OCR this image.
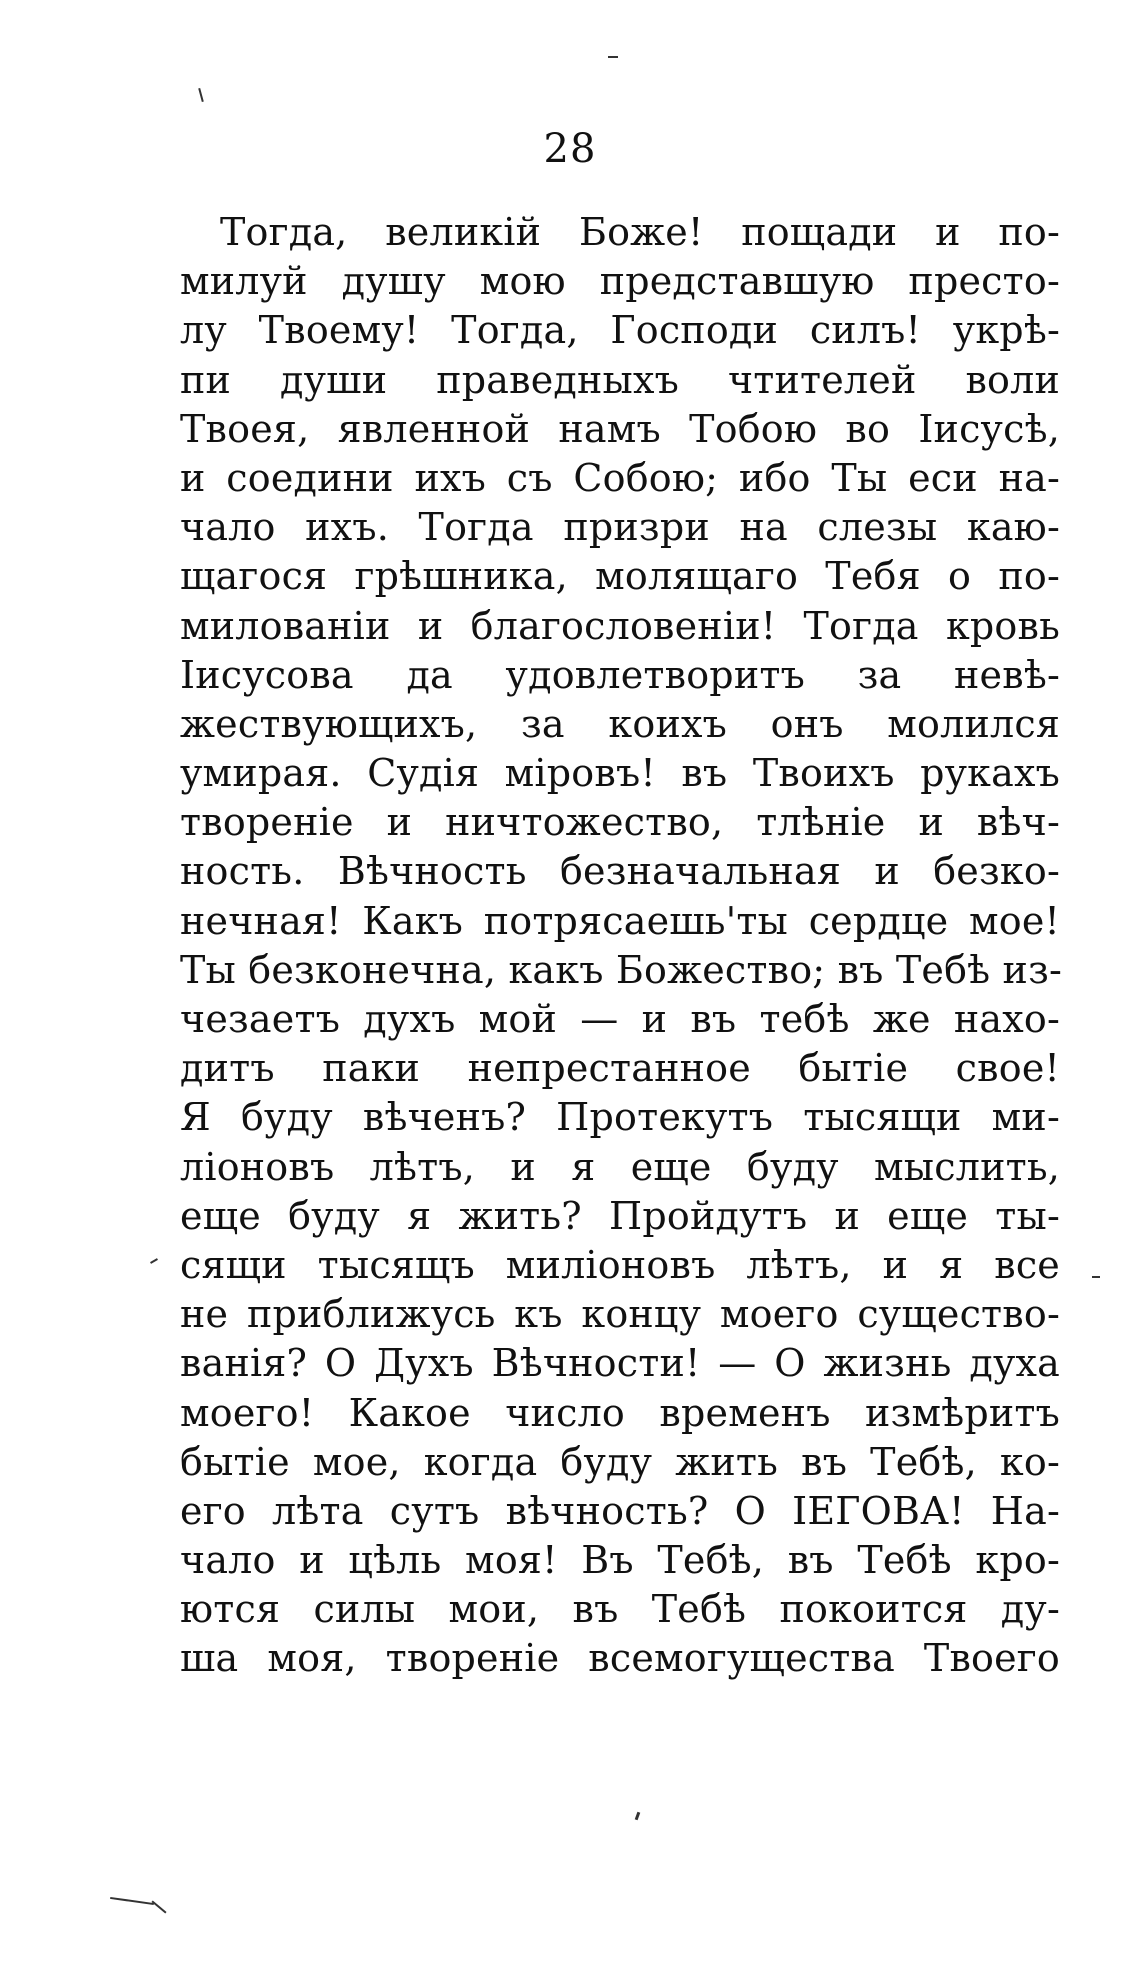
28
Тогда, великій Боже! пощади и по-
милуй душу мою представшую престо-
лу Твоему! Тогда, Господи силъ! укрѣ-
пи души праведныхъ чтителей воли
Твоея, явленной намъ Тобою во Іисусѣ,
и соедини ихъ съ Собою; ибо Ты еси на-
чало ихъ. Тогда призри на слезы каю-
щагося грѣшника, молящаго Тебя о по-
милованіи и благословеніи! Тогда кровь
Іисусова да удовлетворитъ за невѣ-
жествующихъ, за коихъ онъ молился
умирая. Судія міровъ! въ Твоихъ рукахъ
твореніе и ничтожество, тлѣніе и вѣч-
ность. Вѣчность безначальная и безко-
нечная! Какъ потрясаешь'ты сердце мое!
Ты безконечна, какъ Божество; въ Тебѣ из-
чезаетъ духъ мой — и въ тебѣ же нахо-
дитъ паки непрестанное бытіе свое!
Я буду вѣченъ? Протекутъ тысящи ми-
ліоновъ лѣтъ, и я еще буду мыслить,
еще буду я жить? Пройдутъ и еще ты-
сящи тысящъ миліоновъ лѣтъ, и я все
не приближусь къ концу моего существо-
ванія? О Духъ Вѣчности! — О жизнь духа
моего! Какое число временъ измѣритъ
бытіе мое, когда буду жить въ Тебѣ, ко-
его лѣта сутъ вѣчность? О ІЕГОВА! На-
чало и цѣль моя! Въ Тебѣ, въ Тебѣ кро-
ются силы мои, въ Тебѣ покоится ду-
ша моя, твореніе всемогущества Твоего
